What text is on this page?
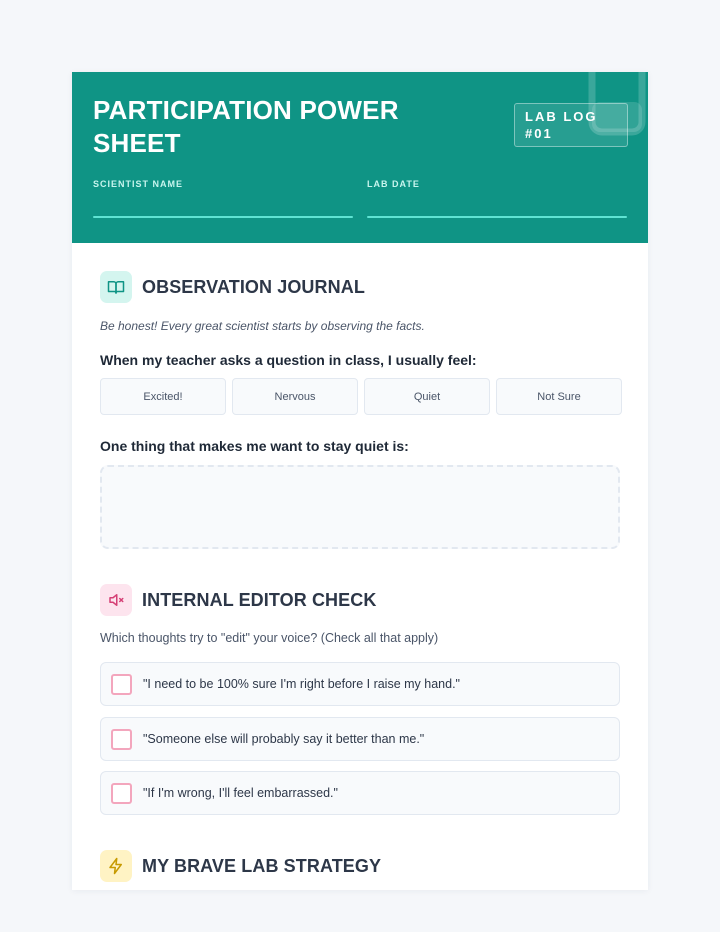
PARTICIPATION POWER SHEET
LAB LOG #01
SCIENTIST NAME	LAB DATE
OBSERVATION JOURNAL
Be honest! Every great scientist starts by observing the facts.
When my teacher asks a question in class, I usually feel:
Excited!	Nervous	Quiet	Not Sure
One thing that makes me want to stay quiet is:
INTERNAL EDITOR CHECK
Which thoughts try to "edit" your voice? (Check all that apply)
"I need to be 100% sure I'm right before I raise my hand."
"Someone else will probably say it better than me."
"If I'm wrong, I'll feel embarrassed."
MY BRAVE LAB STRATEGY
